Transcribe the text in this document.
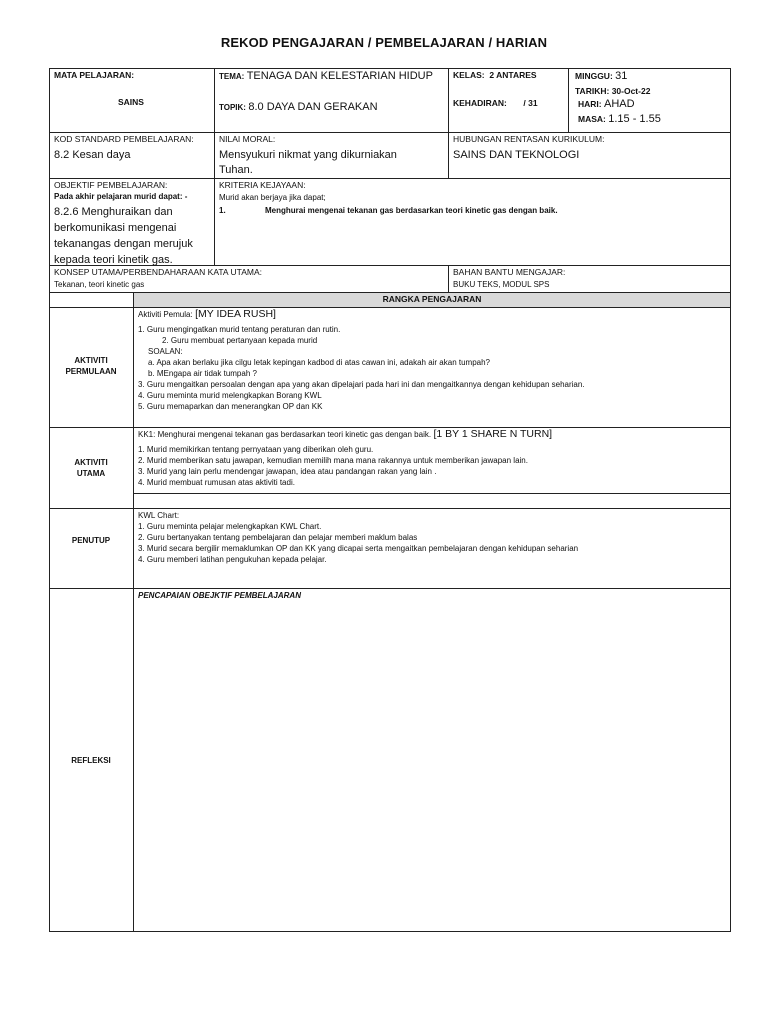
REKOD PENGAJARAN / PEMBELAJARAN / HARIAN
RANGKA PENGAJARAN
MATA PELAJARAN:
SAINS
TEMA: TENAGA DAN KELESTARIAN HIDUP
TOPIK: 8.0 DAYA DAN GERAKAN
KELAS: 2 ANTARES
KEHADIRAN: / 31
MINGGU: 31
TARIKH: 30-Oct-22
HARI: AHAD
MASA: 1.15 - 1.55
KOD STANDARD PEMBELAJARAN:
8.2 Kesan daya
NILAI MORAL:
Mensyukuri nikmat yang dikurniakan
Tuhan.
HUBUNGAN RENTASAN KURIKULUM:
SAINS DAN TEKNOLOGI
OBJEKTIF PEMBELAJARAN:
Pada akhir pelajaran murid dapat: -
8.2.6 Menghuraikan dan
berkomunikasi mengenai
tekanangas dengan merujuk
kepada teori kinetik gas.
KRITERIA KEJAYAAN:
Murid akan berjaya jika dapat;
1.	Menghurai mengenai tekanan gas berdasarkan teori kinetic gas dengan baik.
KONSEP UTAMA/PERBENDAHARAAN KATA UTAMA:
Tekanan, teori kinetic gas
BAHAN BANTU MENGAJAR:
BUKU TEKS, MODUL SPS
AKTIVITI
PERMULAAN
Aktiviti Pemula: [MY IDEA RUSH]
1. Guru mengingatkan murid tentang peraturan dan rutin.
2. Guru membuat pertanyaan kepada murid
SOALAN:
a. Apa akan berlaku jika cilgu letak kepingan kadbod di atas cawan ini, adakah air akan tumpah?
b. MEngapa air tidak tumpah ?
3. Guru mengaitkan persoalan dengan apa yang akan dipelajari pada hari ini dan mengaitkannya dengan kehidupan seharian.
4. Guru meminta murid melengkapkan Borang KWL
5. Guru memaparkan dan menerangkan OP dan KK
AKTIVITI
UTAMA
KK1: Menghurai mengenai tekanan gas berdasarkan teori kinetic gas dengan baik. [1 BY 1 SHARE N TURN]
1. Murid memikirkan tentang pernyataan yang diberikan oleh guru.
2. Murid memberikan satu jawapan, kemudian memilih mana mana rakannya untuk memberikan jawapan lain.
3. Murid yang lain perlu mendengar jawapan, idea atau pandangan rakan yang lain .
4. Murid membuat rumusan atas aktiviti tadi.
PENUTUP
KWL Chart:
1. Guru meminta pelajar melengkapkan KWL Chart.
2. Guru bertanyakan tentang pembelajaran dan pelajar memberi maklum balas
3. Murid secara bergilir memaklumkan OP dan KK yang dicapai serta mengaitkan pembelajaran dengan kehidupan seharian
4. Guru memberi latihan pengukuhan kepada pelajar.
REFLEKSI
PENCAPAIAN OBEJKTIF PEMBELAJARAN
